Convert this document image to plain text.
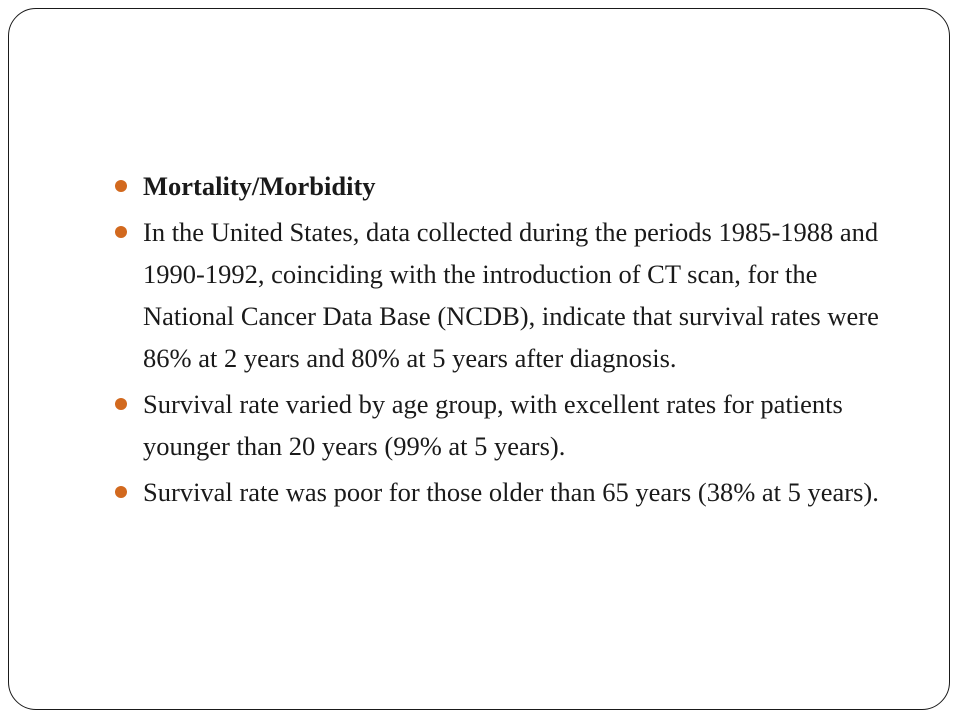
Mortality/Morbidity
In the United States, data collected during the periods 1985-1988 and 1990-1992, coinciding with the introduction of CT scan, for the National Cancer Data Base (NCDB), indicate that survival rates were 86% at 2 years and 80% at 5 years after diagnosis.
Survival rate varied by age group, with excellent rates for patients younger than 20 years (99% at 5 years).
Survival rate was poor for those older than 65 years (38% at 5 years).
